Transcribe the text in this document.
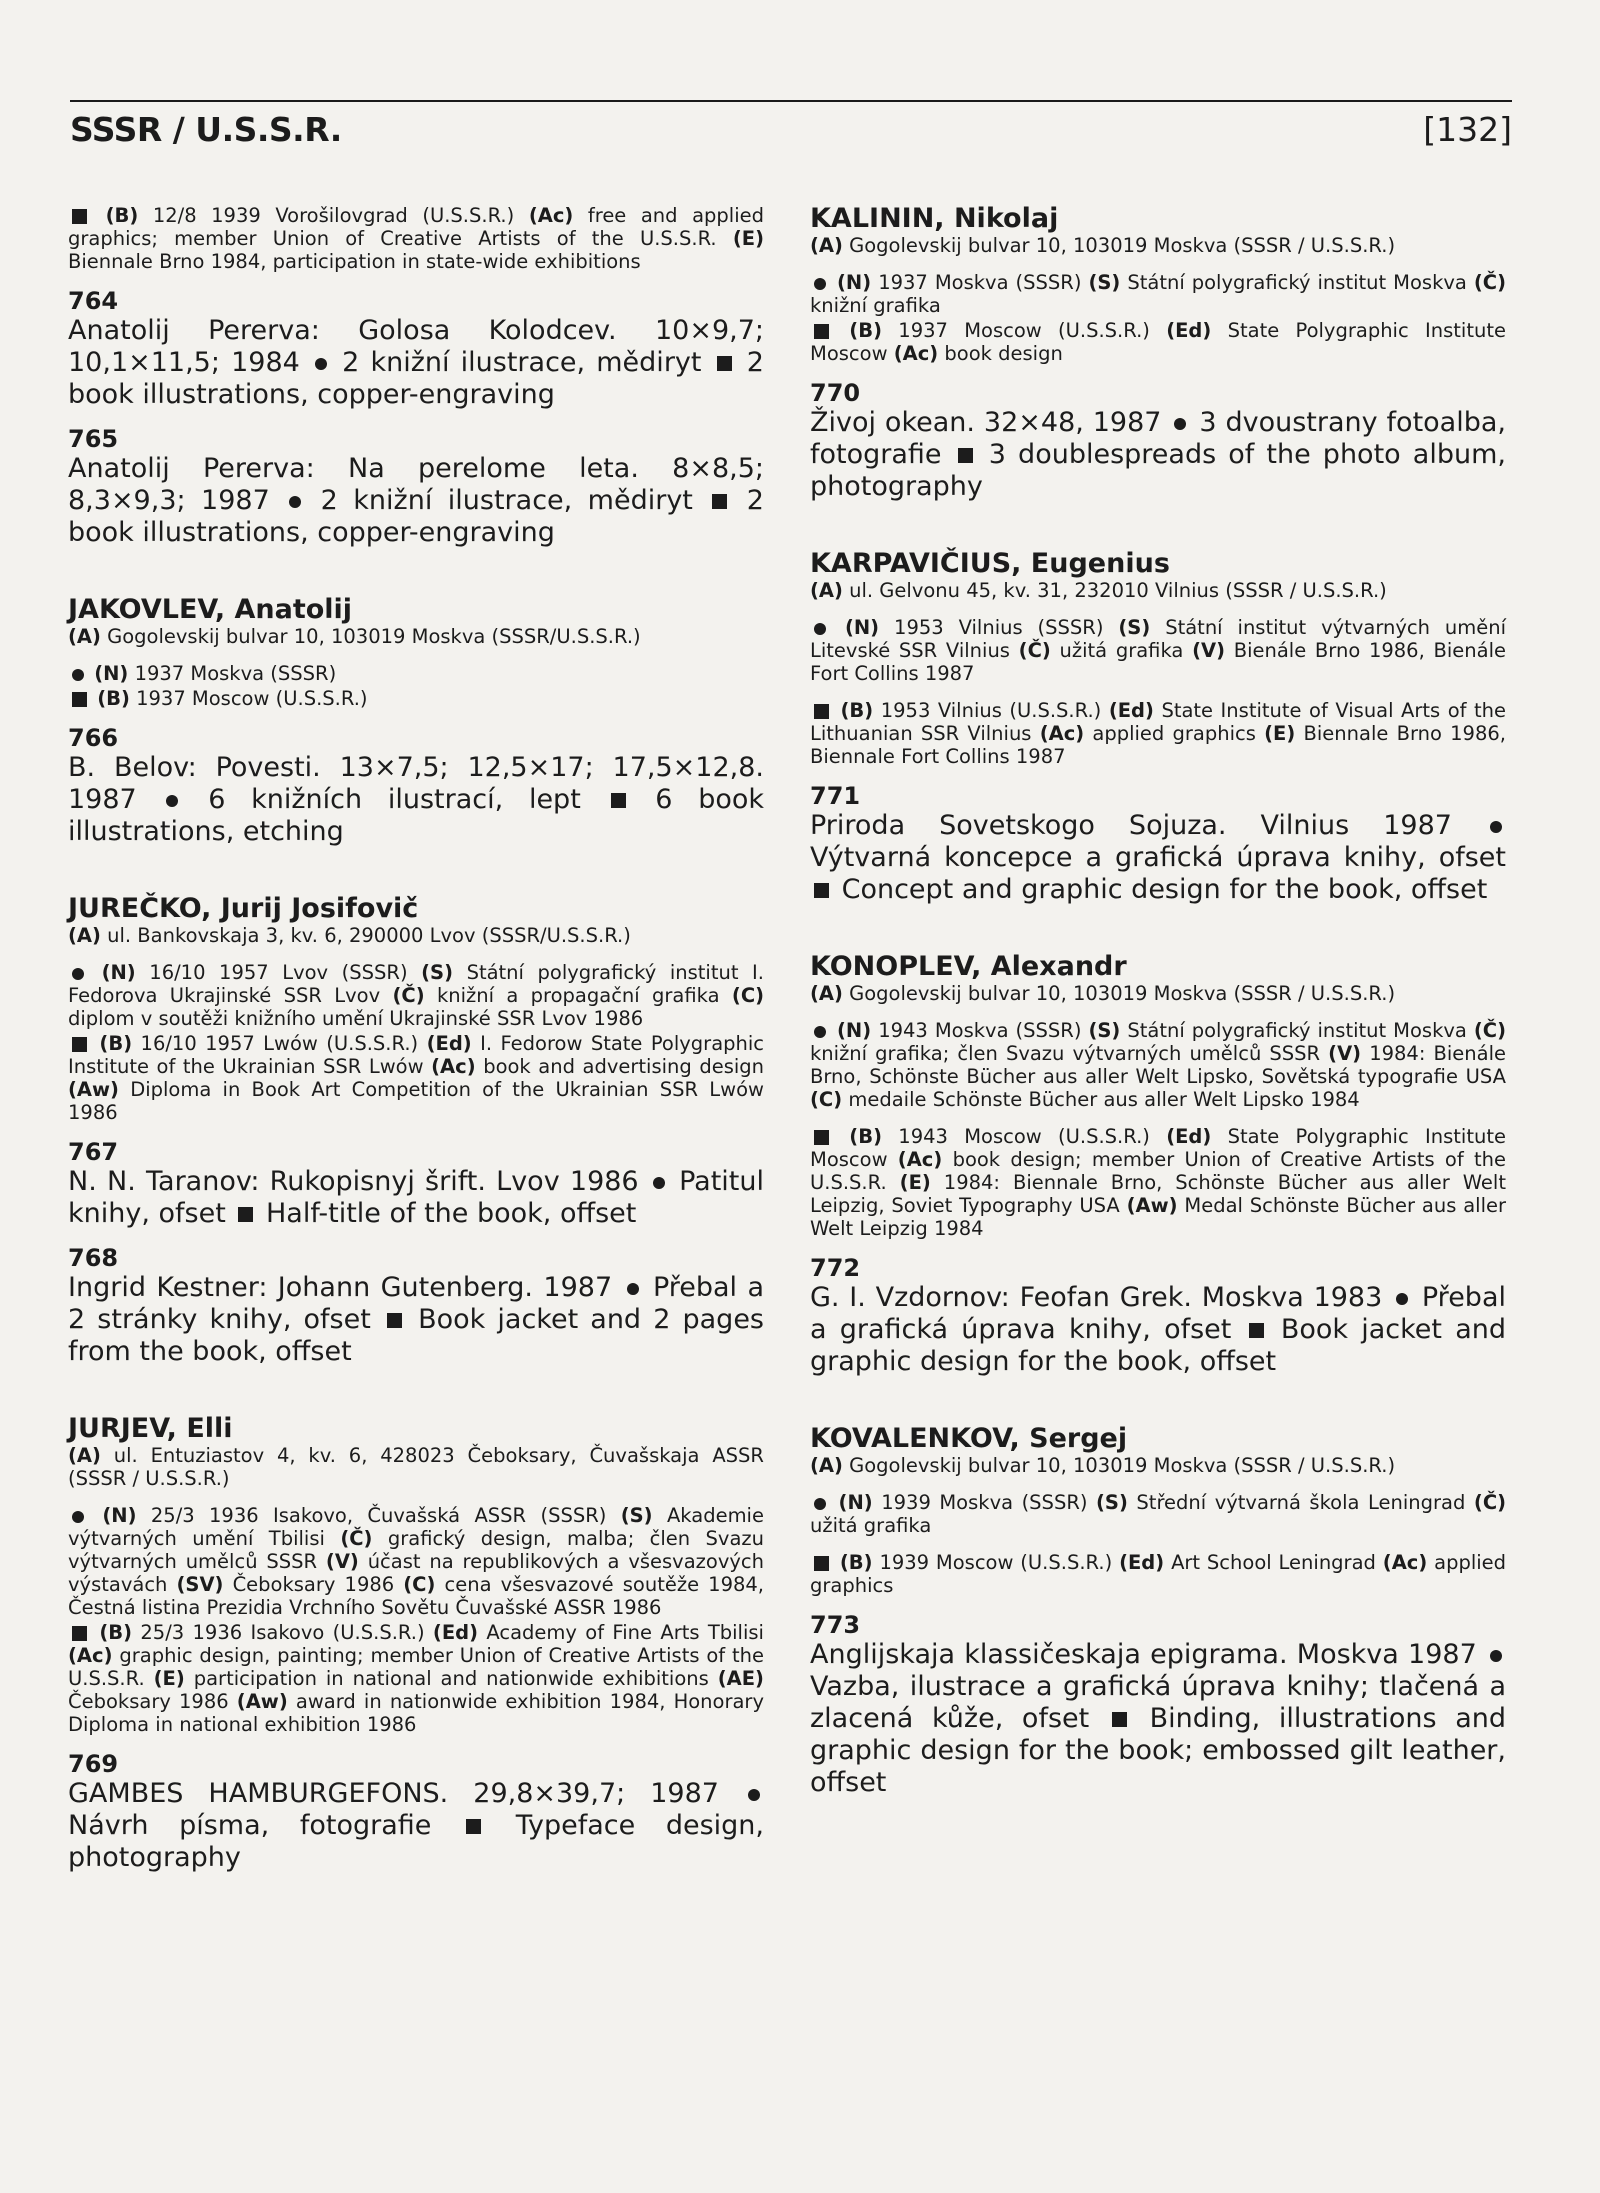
SSSR / U.S.S.R.	[132]

(B) 12/8 1939 Vorošilovgrad (U.S.S.R.) (Ac) free and applied graphics; member Union of Creative Artists of the U.S.S.R. (E) Biennale Brno 1984, participation in state-wide exhibitions

764

Anatolij Pererva: Golosa Kolodcev. 10×9,7; 10,1×11,5; 1984 2 knižní ilustrace, mědiryt 2 book illustrations, copper-engraving

765

Anatolij Pererva: Na perelome leta. 8×8,5; 8,3×9,3; 1987 2 knižní ilustrace, mědiryt 2 book illustrations, copper-engraving

JAKOVLEV, Anatolij

(A) Gogolevskij bulvar 10, 103019 Moskva (SSSR/U.S.S.R.)

(N) 1937 Moskva (SSSR)

(B) 1937 Moscow (U.S.S.R.)

766

B. Belov: Povesti. 13×7,5; 12,5×17; 17,5×12,8. 1987	6 knižních ilustrací, lept	6 book illustrations, etching

JUREČKO, Jurij Josifovič

(A) ul. Bankovskaja 3, kv. 6, 290000 Lvov (SSSR/U.S.S.R.)

(N) 16/10 1957 Lvov (SSSR) (S) Státní polygrafický institut I. Fedorova Ukrajinské SSR Lvov (Č) knižní a propagační grafika (C) diplom v soutěži knižního umění Ukrajinské SSR Lvov 1986

(B) 16/10 1957 Lwów (U.S.S.R.) (Ed) I. Fedorow State Polygraphic Institute of the Ukrainian SSR Lwów (Ac) book and advertising design (Aw) Diploma in Book Art Competition of the Ukrainian SSR Lwów 1986

767

N. N. Taranov: Rukopisnyj šrift. Lvov 1986 Patitul knihy, ofset Half-title of the book, offset

768

Ingrid Kestner: Johann Gutenberg. 1987 Přebal a 2 stránky knihy, ofset Book jacket and 2 pages from the book, offset

JURJEV, Elli

(A) ul. Entuziastov 4, kv. 6, 428023 Čeboksary, Čuvašskaja ASSR (SSSR / U.S.S.R.)

(N) 25/3 1936 Isakovo, Čuvašská ASSR (SSSR) (S) Akademie výtvarných umění Tbilisi (Č) grafický design, malba; člen Svazu výtvarných umělců SSSR (V) účast na republikových a všesvazových výstavách (SV) Čeboksary 1986 (C) cena všesvazové soutěže 1984, Čestná listina Prezidia Vrchního Sovětu Čuvašské ASSR 1986

(B) 25/3 1936 Isakovo (U.S.S.R.) (Ed) Academy of Fine Arts Tbilisi (Ac) graphic design, painting; member Union of Creative Artists of the U.S.S.R. (E) participation in national and nationwide exhibitions (AE) Čeboksary 1986 (Aw) award in nationwide exhibition 1984, Honorary Diploma in national exhibition 1986

769

GAMBES HAMBURGEFONS. 29,8×39,7; 1987  Návrh písma, fotografie	Typeface design, photography

KALININ, Nikolaj

(A) Gogolevskij bulvar 10, 103019 Moskva (SSSR / U.S.S.R.)

(N) 1937 Moskva (SSSR) (S) Státní polygrafický institut Moskva (Č) knižní grafika

(B) 1937 Moscow (U.S.S.R.) (Ed) State Polygraphic Institute Moscow (Ac) book design

770

Živoj okean. 32×48, 1987 3 dvoustrany fotoalba, fotografie 3 doublespreads of the photo album, photography

KARPAVIČIUS, Eugenius

(A) ul. Gelvonu 45, kv. 31, 232010 Vilnius (SSSR / U.S.S.R.)

(N) 1953 Vilnius (SSSR) (S) Státní institut výtvarných umění Litevské SSR Vilnius (Č) užitá grafika (V) Bienále Brno 1986, Bienále Fort Collins 1987

(B) 1953 Vilnius (U.S.S.R.) (Ed) State Institute of Visual Arts of the Lithuanian SSR Vilnius (Ac) applied graphics (E) Biennale Brno 1986, Biennale Fort Collins 1987

771

Priroda Sovetskogo Sojuza. Vilnius 1987  Výtvarná koncepce a grafická úprava knihy, ofset  Concept and graphic design for the book, offset

KONOPLEV, Alexandr

(A) Gogolevskij bulvar 10, 103019 Moskva (SSSR / U.S.S.R.)

(N) 1943 Moskva (SSSR) (S) Státní polygrafický institut Moskva (Č) knižní grafika; člen Svazu výtvarných umělců SSSR (V) 1984: Bienále Brno, Schönste Bücher aus aller Welt Lipsko, Sovětská typografie USA (C) medaile Schönste Bücher aus aller Welt Lipsko 1984

(B) 1943 Moscow (U.S.S.R.) (Ed) State Polygraphic Institute Moscow (Ac) book design; member Union of Creative Artists of the U.S.S.R. (E) 1984: Biennale Brno, Schönste Bücher aus aller Welt Leipzig, Soviet Typography USA (Aw) Medal Schönste Bücher aus aller Welt Leipzig 1984

772

G. I. Vzdornov: Feofan Grek. Moskva 1983 Přebal a grafická úprava knihy, ofset Book jacket and graphic design for the book, offset

KOVALENKOV, Sergej

(A) Gogolevskij bulvar 10, 103019 Moskva (SSSR / U.S.S.R.)

(N) 1939 Moskva (SSSR) (S) Střední výtvarná škola Leningrad (Č) užitá grafika

(B) 1939 Moscow (U.S.S.R.) (Ed) Art School Leningrad (Ac) applied graphics

773

Anglijskaja klassičeskaja epigrama. Moskva 1987  Vazba, ilustrace a grafická úprava knihy; tlačená a zlacená kůže, ofset Binding, illustrations and graphic design for the book; embossed gilt leather, offset
